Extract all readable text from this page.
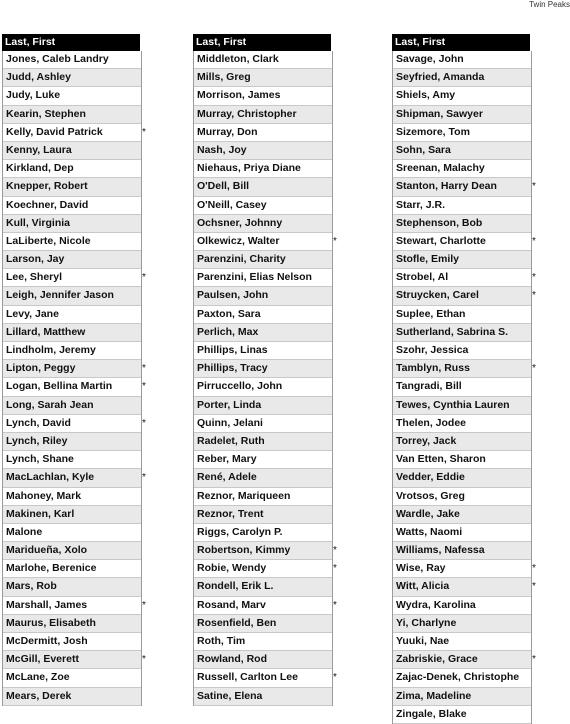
Twin Peaks
Last, First
Jones, Caleb Landry
Judd, Ashley
Judy, Luke
Kearin, Stephen
Kelly, David Patrick	*
Kenny, Laura
Kirkland, Dep
Knepper, Robert
Koechner, David
Kull, Virginia
LaLiberte, Nicole
Larson, Jay
Lee, Sheryl	*
Leigh, Jennifer Jason
Levy, Jane
Lillard, Matthew
Lindholm, Jeremy
Lipton, Peggy	*
Logan, Bellina Martin	*
Long, Sarah Jean
Lynch, David	*
Lynch, Riley
Lynch, Shane
MacLachlan, Kyle	*
Mahoney, Mark
Makinen, Karl
Malone
Maridueña, Xolo
Marlohe, Berenice
Mars, Rob
Marshall, James	*
Maurus, Elisabeth
McDermitt, Josh
McGill, Everett	*
McLane, Zoe
Mears, Derek
Last, First
Middleton, Clark
Mills, Greg
Morrison, James
Murray, Christopher
Murray, Don
Nash, Joy
Niehaus, Priya Diane
O'Dell, Bill
O'Neill, Casey
Ochsner, Johnny
Olkewicz, Walter	*
Parenzini, Charity
Parenzini, Elias Nelson
Paulsen, John
Paxton, Sara
Perlich, Max
Phillips, Linas
Phillips, Tracy
Pirruccello, John
Porter, Linda
Quinn, Jelani
Radelet, Ruth
Reber, Mary
René, Adele
Reznor, Mariqueen
Reznor, Trent
Riggs, Carolyn P.
Robertson, Kimmy	*
Robie, Wendy	*
Rondell, Erik L.
Rosand, Marv	*
Rosenfield, Ben
Roth, Tim
Rowland, Rod
Russell, Carlton Lee	*
Satine, Elena
Last, First
Savage, John
Seyfried, Amanda
Shiels, Amy
Shipman, Sawyer
Sizemore, Tom
Sohn, Sara
Sreenan, Malachy
Stanton, Harry Dean	*
Starr, J.R.
Stephenson, Bob
Stewart, Charlotte	*
Stofle, Emily
Strobel, Al	*
Struycken, Carel	*
Suplee, Ethan
Sutherland, Sabrina S.
Szohr, Jessica
Tamblyn, Russ	*
Tangradi, Bill
Tewes, Cynthia Lauren
Thelen, Jodee
Torrey, Jack
Van Etten, Sharon
Vedder, Eddie
Vrotsos, Greg
Wardle, Jake
Watts, Naomi
Williams, Nafessa
Wise, Ray	*
Witt, Alicia	*
Wydra, Karolina
Yi, Charlyne
Yuuki, Nae
Zabriskie, Grace	*
Zajac-Denek, Christophe
Zima, Madeline
Zingale, Blake
